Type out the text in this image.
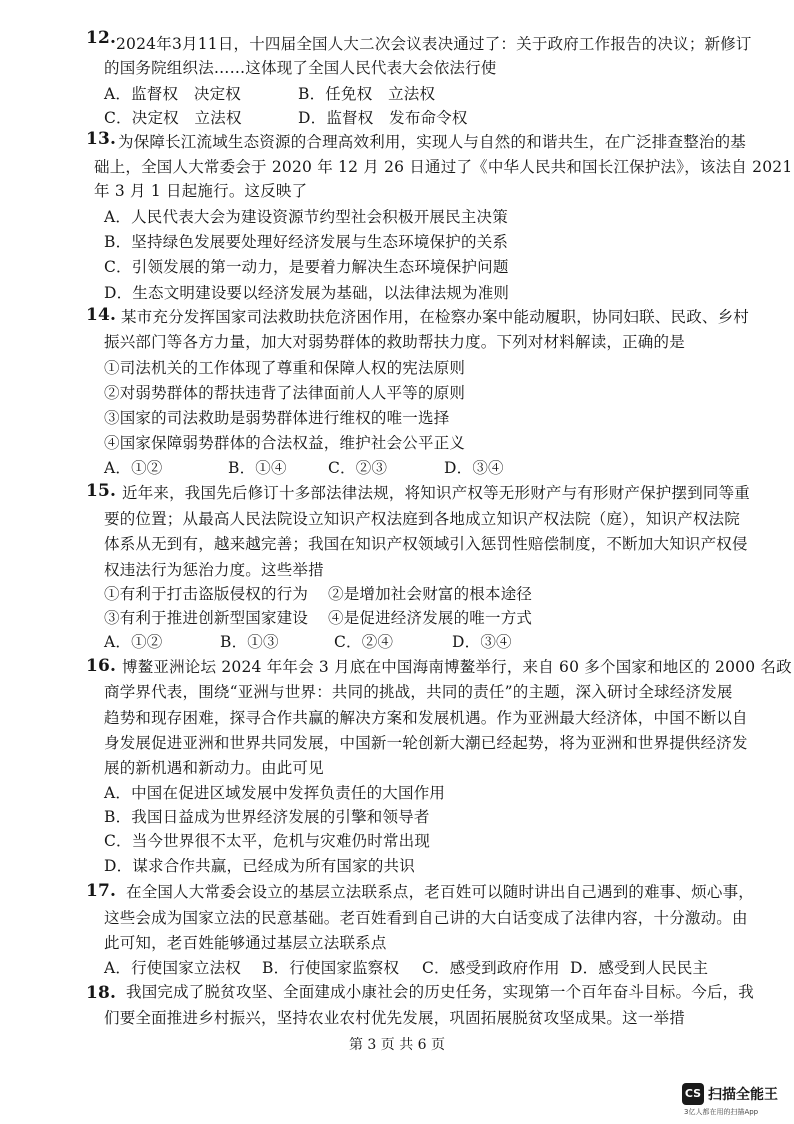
12. 2024年3月11日，十四届全国人大二次会议表决通过了：关于政府工作报告的决议；新修订
的国务院组织法……这体现了全国人民代表大会依法行使
A．监督权　决定权	B．任免权　立法权
C．决定权　立法权	D．监督权　发布命令权
13. 为保障长江流域生态资源的合理高效利用，实现人与自然的和谐共生，在广泛排查整治的基
础上，全国人大常委会于 2020 年 12 月 26 日通过了《中华人民共和国长江保护法》，该法自 2021
年 3 月 1 日起施行。这反映了
A．人民代表大会为建设资源节约型社会积极开展民主决策
B．坚持绿色发展要处理好经济发展与生态环境保护的关系
C．引领发展的第一动力，是要着力解决生态环境保护问题
D．生态文明建设要以经济发展为基础，以法律法规为准则
14. 某市充分发挥国家司法救助扶危济困作用，在检察办案中能动履职，协同妇联、民政、乡村
振兴部门等各方力量，加大对弱势群体的救助帮扶力度。下列对材料解读，正确的是
①司法机关的工作体现了尊重和保障人权的宪法原则
②对弱势群体的帮扶违背了法律面前人人平等的原则
③国家的司法救助是弱势群体进行维权的唯一选择
④国家保障弱势群体的合法权益，维护社会公平正义
A．①②	B．①④	C．②③	D．③④
15. 近年来，我国先后修订十多部法律法规，将知识产权等无形财产与有形财产保护摆到同等重
要的位置；从最高人民法院设立知识产权法庭到各地成立知识产权法院（庭），知识产权法院
体系从无到有，越来越完善；我国在知识产权领域引入惩罚性赔偿制度，不断加大知识产权侵
权违法行为惩治力度。这些举措
①有利于打击盗版侵权的行为 ②是增加社会财富的根本途径
③有利于推进创新型国家建设 ④是促进经济发展的唯一方式
A．①②	B．①③	C．②④	D．③④
16. 博鳌亚洲论坛 2024 年年会 3 月底在中国海南博鳌举行，来自 60 多个国家和地区的 2000 名政
商学界代表，围绕“亚洲与世界：共同的挑战，共同的责任”的主题，深入研讨全球经济发展
趋势和现存困难，探寻合作共赢的解决方案和发展机遇。作为亚洲最大经济体，中国不断以自
身发展促进亚洲和世界共同发展，中国新一轮创新大潮已经起势，将为亚洲和世界提供经济发
展的新机遇和新动力。由此可见
A．中国在促进区域发展中发挥负责任的大国作用
B．我国日益成为世界经济发展的引擎和领导者
C．当今世界很不太平，危机与灾难仍时常出现
D．谋求合作共赢，已经成为所有国家的共识
17. 在全国人大常委会设立的基层立法联系点，老百姓可以随时讲出自己遇到的难事、烦心事，
这些会成为国家立法的民意基础。老百姓看到自己讲的大白话变成了法律内容，十分激动。由
此可知，老百姓能够通过基层立法联系点
A．行使国家立法权 B．行使国家监察权 C．感受到政府作用 D．感受到人民民主
18. 我国完成了脱贫攻坚、全面建成小康社会的历史任务，实现第一个百年奋斗目标。今后，我
们要全面推进乡村振兴，坚持农业农村优先发展，巩固拓展脱贫攻坚成果。这一举措
第 3 页 共 6 页
CS 扫描全能王
3亿人都在用的扫描App
